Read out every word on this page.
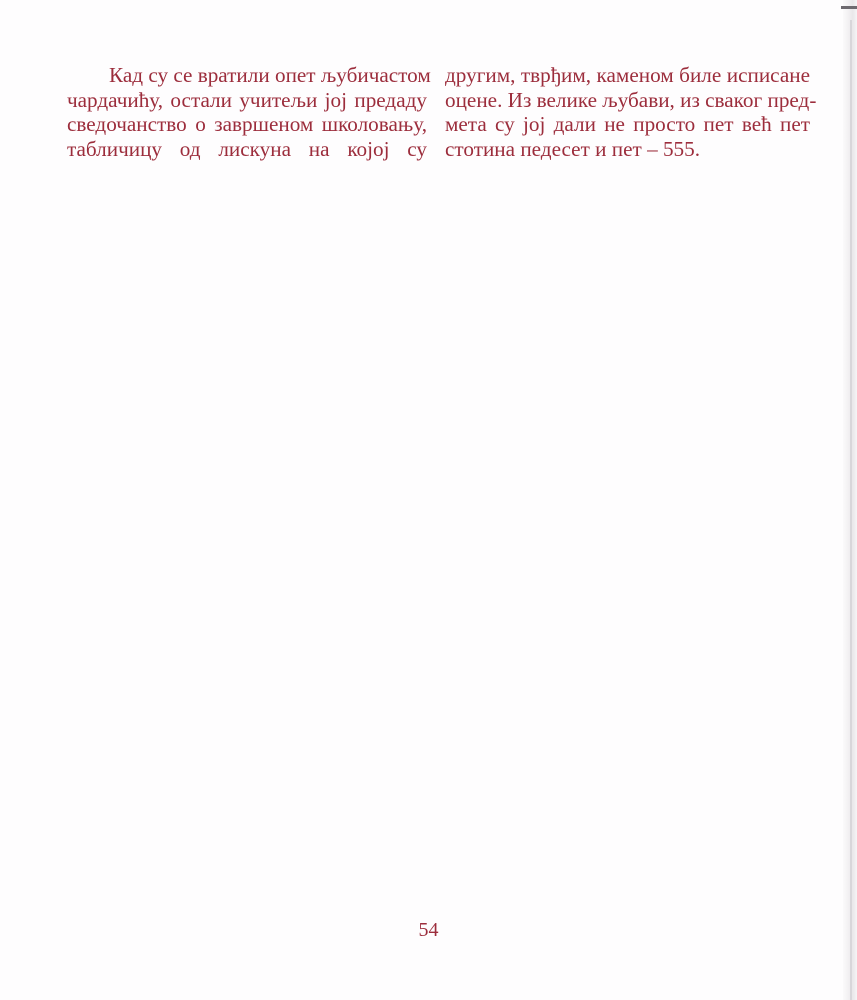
Кад су се вратили опет љубичастом
чардачићу, остали учитељи јој предаду
сведочанство о завршеном школовању,
табличицу од лискуна на којој су

другим, тврђим, каменом биле исписане
оцене. Из велике љубави, из сваког пред-
мета су јој дали не просто пет већ пет
стотина педесет и пет – 555.

54
